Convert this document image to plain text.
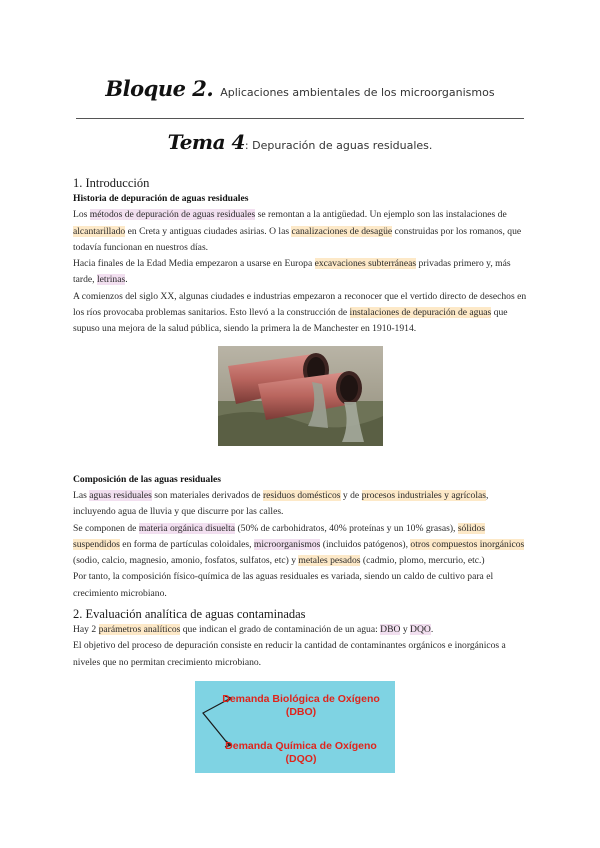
Bloque 2. Aplicaciones ambientales de los microorganismos
Tema 4: Depuración de aguas residuales.
1. Introducción
Historia de depuración de aguas residuales

Los métodos de depuración de aguas residuales se remontan a la antigüedad. Un ejemplo son las instalaciones de alcantarillado en Creta y antiguas ciudades asirias. O las canalizaciones de desagüe construidas por los romanos, que todavía funcionan en nuestros días.

Hacia finales de la Edad Media empezaron a usarse en Europa excavaciones subterráneas privadas primero y, más tarde, letrinas.

A comienzos del siglo XX, algunas ciudades e industrias empezaron a reconocer que el vertido directo de desechos en los ríos provocaba problemas sanitarios. Esto llevó a la construcción de instalaciones de depuración de aguas que supuso una mejora de la salud pública, siendo la primera la de Manchester en 1910-1914.

Composición de las aguas residuales

Las aguas residuales son materiales derivados de residuos domésticos y de procesos industriales y agrícolas, incluyendo agua de lluvia y que discurre por las calles.

Se componen de materia orgánica disuelta (50% de carbohidratos, 40% proteínas y un 10% grasas), sólidos suspendidos en forma de partículas coloidales, microorganismos (incluidos patógenos), otros compuestos inorgánicos (sodio, calcio, magnesio, amonio, fosfatos, sulfatos, etc) y metales pesados (cadmio, plomo, mercurio, etc.)

Por tanto, la composición físico-química de las aguas residuales es variada, siendo un caldo de cultivo para el crecimiento microbiano.

2. Evaluación analítica de aguas contaminadas

Hay 2 parámetros analíticos que indican el grado de contaminación de un agua: DBO y DQO.

El objetivo del proceso de depuración consiste en reducir la cantidad de contaminantes orgánicos e inorgánicos a niveles que no permitan crecimiento microbiano.

Demanda Biológica de Oxígeno
(DBO)
Demanda Química de Oxígeno
(DQO)
